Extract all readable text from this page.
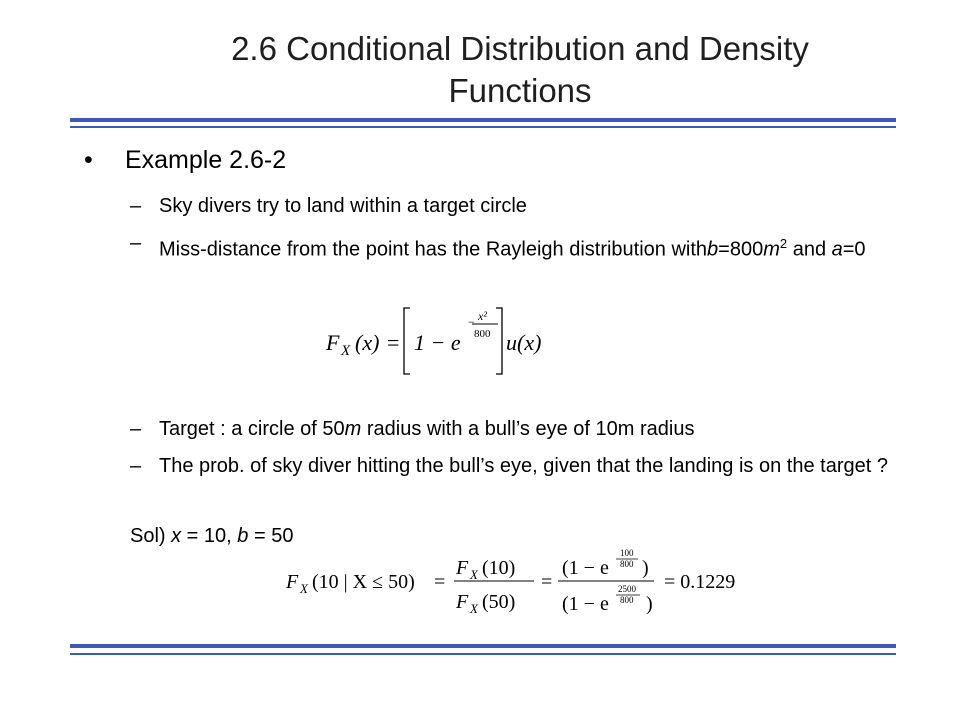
2.6 Conditional Distribution and Density
Functions
• Example 2.6-2
– Sky divers try to land within a target circle
– Miss-distance from the point has the Rayleigh distribution $withb=800m^2$ and a=0
F X (x) = 1 − e
x²
−
800 u(x)
– Target : a circle of 50m radius with a bull’s eye of 10m radius
– The prob. of sky diver hitting the bull’s eye, given that the landing is on the target ?
Sol) x = 10, b = 50
F X (10 | X ≤ 50) =
F X (10)
F X (50)
=
(1 − e
100
800 )
(1 − e
2500
800 )
= 0.1229
